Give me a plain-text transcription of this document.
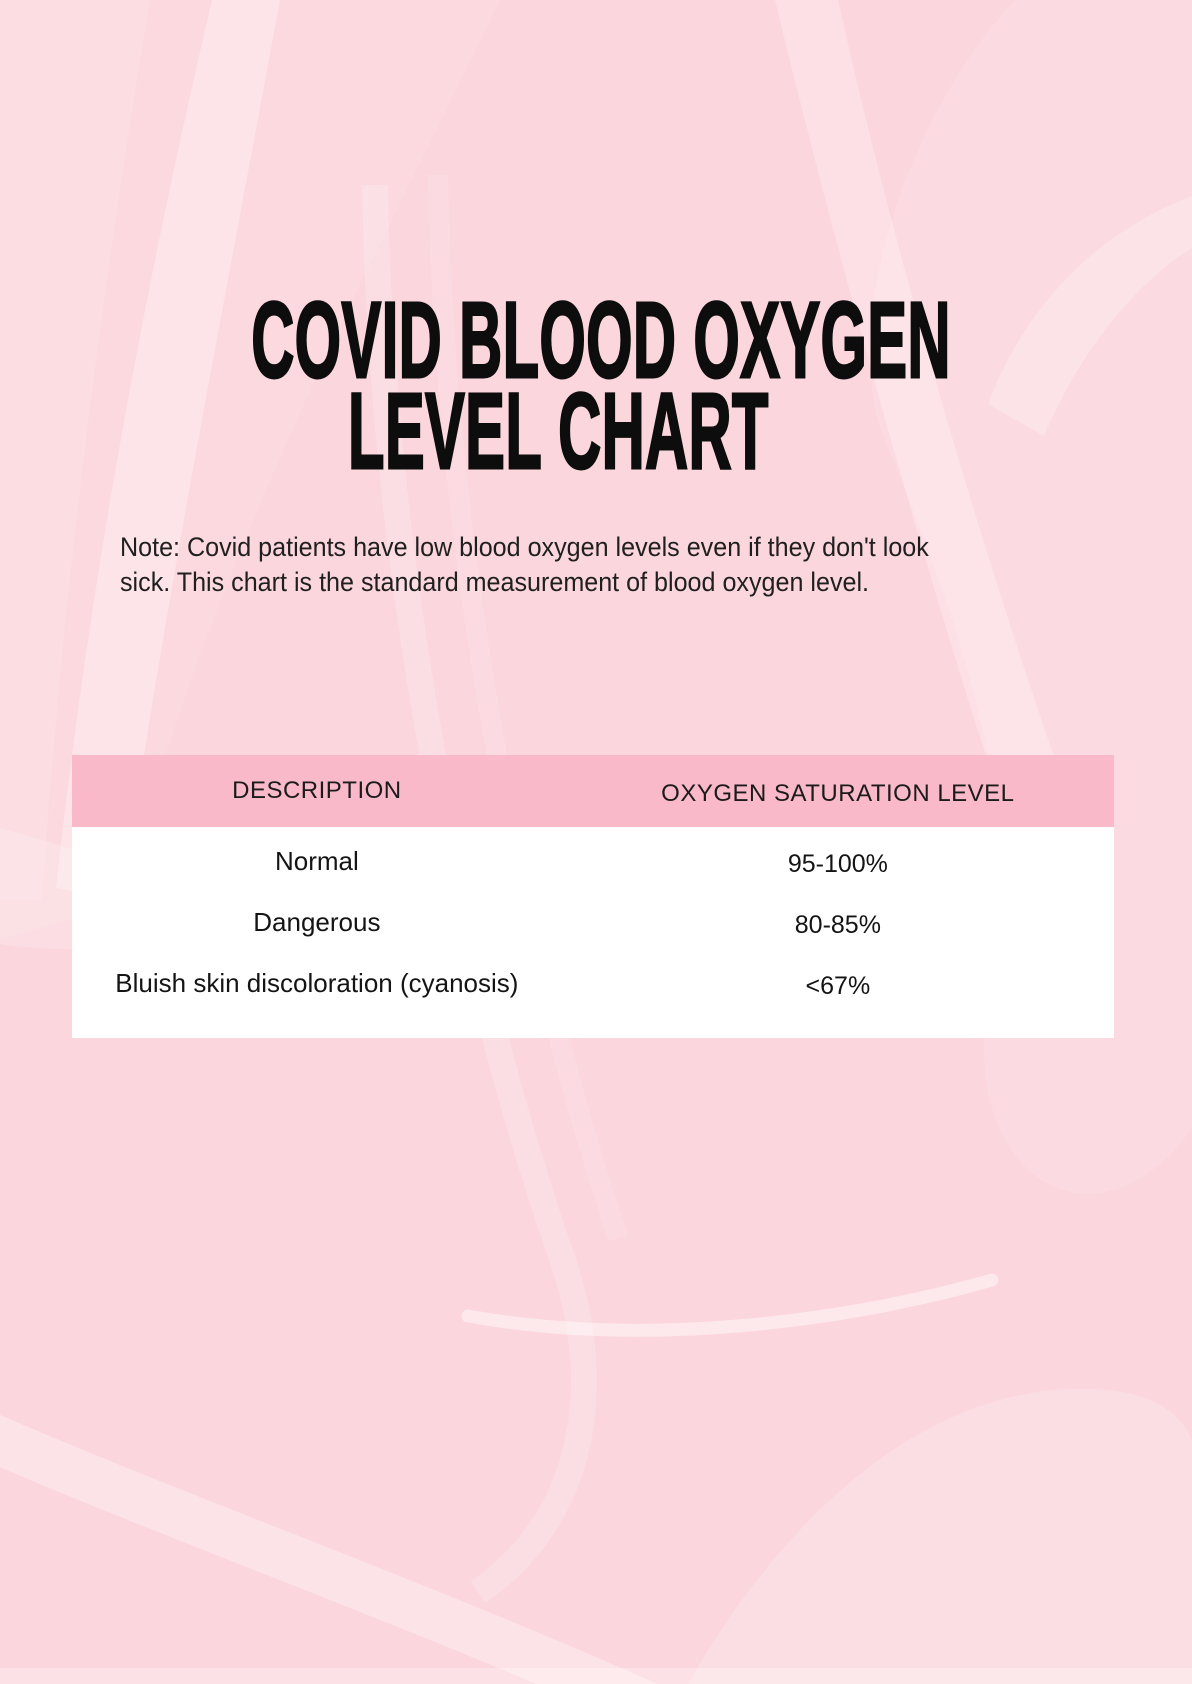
COVID BLOOD OXYGEN
LEVEL CHART
Note: Covid patients have low blood oxygen levels even if they don't look
sick. This chart is the standard measurement of blood oxygen level.
DESCRIPTION	OXYGEN SATURATION LEVEL
Normal	95-100%
Dangerous	80-85%
Bluish skin discoloration (cyanosis)	<67%
